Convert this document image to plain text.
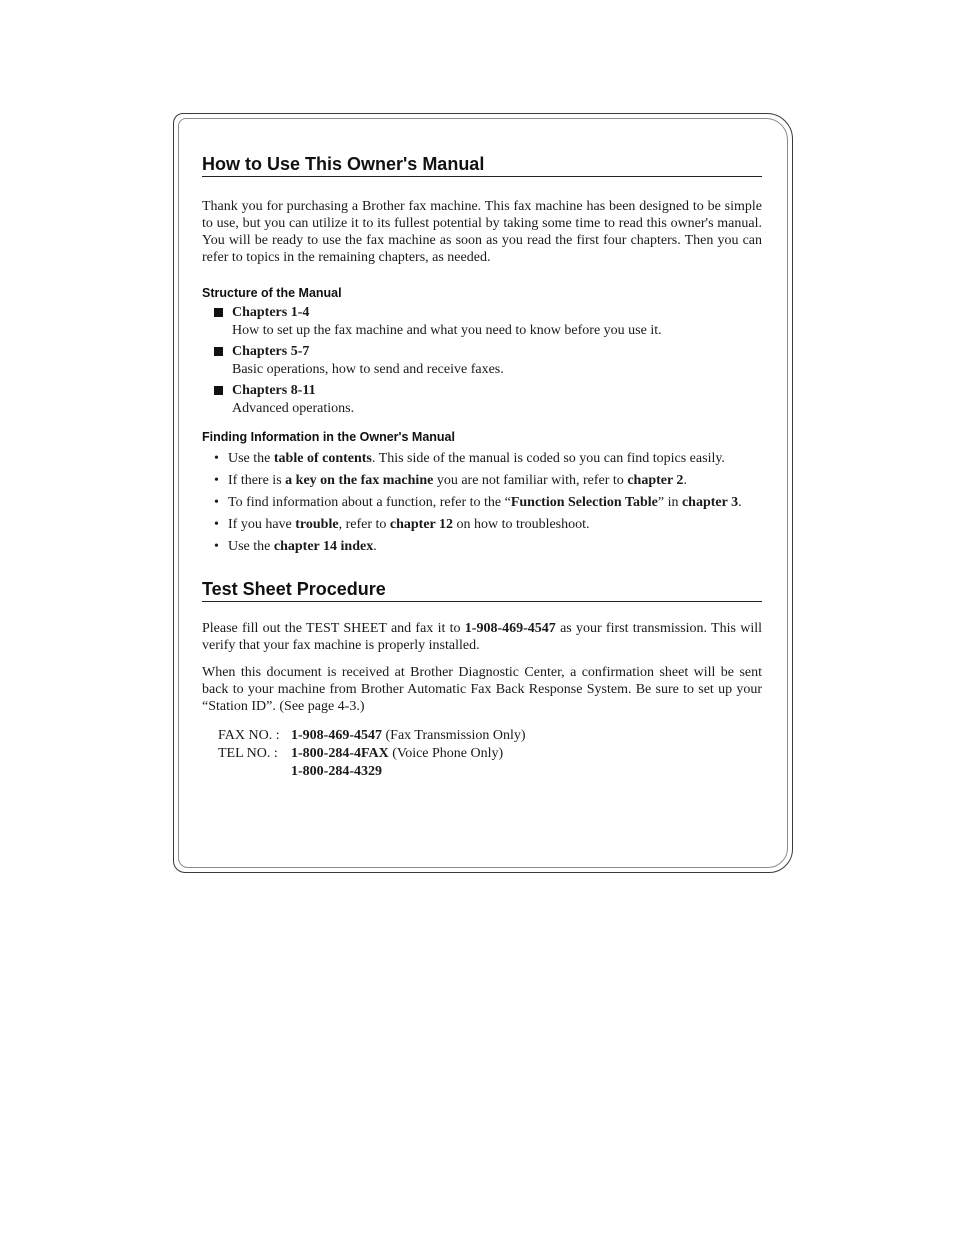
How to Use This Owner's Manual

Thank you for purchasing a Brother fax machine. This fax machine has been designed to be simple to use, but you can utilize it to its fullest potential by taking some time to read this owner's manual. You will be ready to use the fax machine as soon as you read the first four chapters. Then you can refer to topics in the remaining chapters, as needed.

Structure of the Manual
Chapters 1-4
How to set up the fax machine and what you need to know before you use it.
Chapters 5-7
Basic operations, how to send and receive faxes.
Chapters 8-11
Advanced operations.
Finding Information in the Owner's Manual
• Use the table of contents. This side of the manual is coded so you can find topics easily.
• If there is a key on the fax machine you are not familiar with, refer to chapter 2.
• To find information about a function, refer to the “Function Selection Table” in chapter 3.
• If you have trouble, refer to chapter 12 on how to troubleshoot.
• Use the chapter 14 index.
Test Sheet Procedure

Please fill out the TEST SHEET and fax it to 1-908-469-4547 as your first transmission. This will verify that your fax machine is properly installed.

When this document is received at Brother Diagnostic Center, a confirmation sheet will be sent back to your machine from Brother Automatic Fax Back Response System. Be sure to set up your “Station ID”. (See page 4-3.)

FAX NO. : 1-908-469-4547 (Fax Transmission Only)
TEL NO. : 1-800-284-4FAX (Voice Phone Only)
1-800-284-4329
